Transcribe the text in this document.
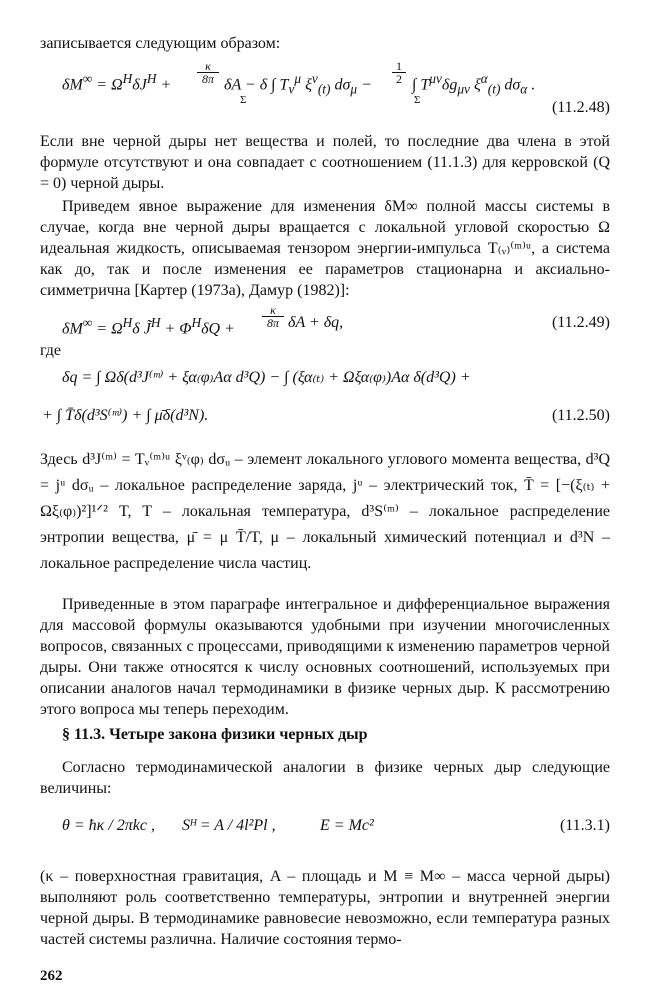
записывается следующим образом:

$\delta M^\infty = \Omega^H\delta J^H$ +
κ
8π δA − δ ∫ $T_\nu^\mu$ $\xi^\nu_{(t)}$ $d\sigma_\mu$ −
Σ
1
2 ∫ $T^{\mu\nu}\delta g_{\mu\nu}$ $\xi^\alpha_{(t)}$ $d\sigma_\alpha$ .
Σ	(11.2.48)

Если вне черной дыры нет вещества и полей, то последние два члена в этой формуле отсутствуют и она совпадает с соотношением (11.1.3) для керровской (Q = 0) черной дыры.

Приведем явное выражение для изменения δM∞ полной массы системы в случае, когда вне черной дыры вращается с локальной угловой скоростью Ω идеальная жидкость, описываемая тензором энергии-импульса T₍ᵥ₎⁽ᵐ⁾ᵘ, а система как до, так и после изменения ее параметров стационарна и аксиально-симметрична [Картер (1973а), Дамур (1982)]:

$\delta M^\infty = \Omega^H\delta$ J̃$^H$ + $\Phi^H\delta Q$ +
κ
8π δA + δq,	(11.2.49)

где

δq = ∫ Ωδ(d³J⁽ᵐ⁾ + ξα₍φ₎Aα d³Q) − ∫ (ξα₍ₜ₎ + Ωξα₍φ₎)Aα δ(d³Q) +
+ ∫ T̄δ(d³S⁽ᵐ⁾) + ∫ μ̄δ(d³N).	(11.2.50)

Здесь d³J⁽ᵐ⁾ = Tᵥ⁽ᵐ⁾ᵘ ξᵛ₍φ₎ dσᵤ – элемент локального углового момента вещества, d³Q = jᵘ dσᵤ – локальное распределение заряда, jᵘ – электрический ток, T̄ = [−(ξ₍ₜ₎ + Ωξ₍φ₎)²]¹ᐟ² T, T – локальная температура, d³S⁽ᵐ⁾ – локальное распределение энтропии вещества, μ̄ = μ T̄/T, μ – локальный химический потенциал и d³N – локальное распределение числа частиц.

Приведенные в этом параграфе интегральное и дифференциальное выражения для массовой формулы оказываются удобными при изучении многочисленных вопросов, связанных с процессами, приводящими к изменению параметров черной дыры. Они также относятся к числу основных соотношений, используемых при описании аналогов начал термодинамики в физике черных дыр. К рассмотрению этого вопроса мы теперь переходим.

§ 11.3. Четыре закона физики черных дыр

Согласно термодинамической аналогии в физике черных дыр следующие величины:

θ = ħκ / 2πkc , Sᴴ = A / 4l²Pl ,	E = Mc²	(11.3.1)

(κ – поверхностная гравитация, A – площадь и M ≡ M∞ – масса черной дыры) выполняют роль соответственно температуры, энтропии и внутренней энергии черной дыры. В термодинамике равновесие невозможно, если температура разных частей системы различна. Наличие состояния термо-

262
